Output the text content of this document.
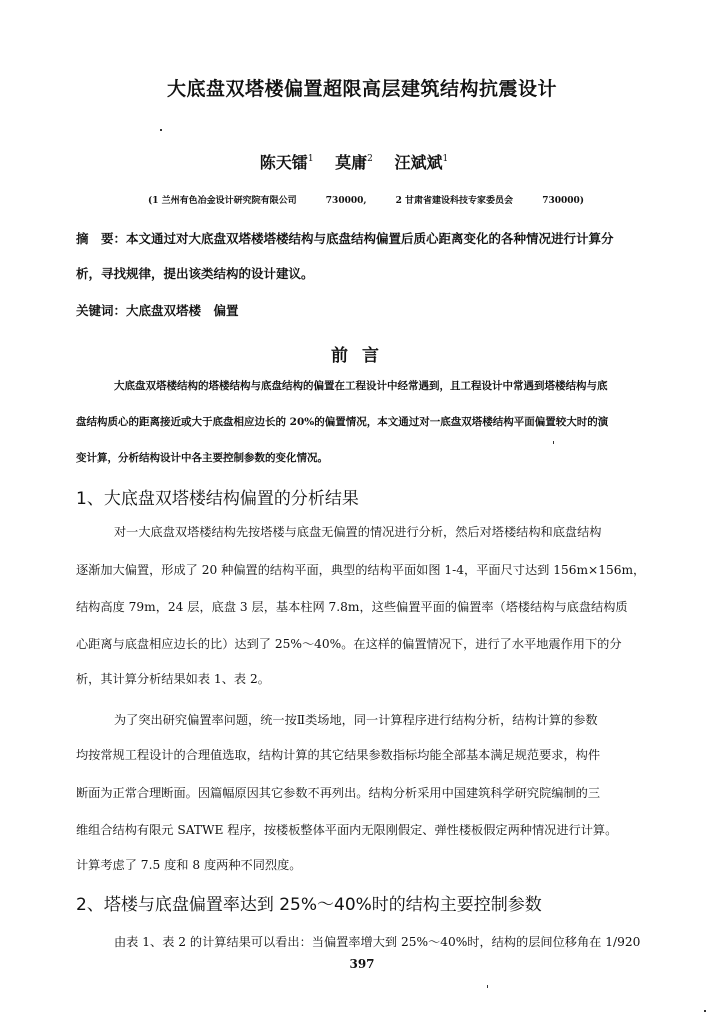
大底盘双塔楼偏置超限高层建筑结构抗震设计
陈天镭$^1$ 莫庸$^2$ 汪斌斌$^1$
(1 兰州有色冶金设计研究院有限公司	730000,	2 甘肃省建设科技专家委员会	730000)
摘　要：本文通过对大底盘双塔楼塔楼结构与底盘结构偏置后质心距离变化的各种情况进行计算分
析，寻找规律，提出该类结构的设计建议。
关键词：大底盘双塔楼　偏置
前言
大底盘双塔楼结构的塔楼结构与底盘结构的偏置在工程设计中经常遇到，且工程设计中常遇到塔楼结构与底
盘结构质心的距离接近或大于底盘相应边长的 20%的偏置情况，本文通过对一底盘双塔楼结构平面偏置较大时的演
变计算，分析结构设计中各主要控制参数的变化情况。
1、大底盘双塔楼结构偏置的分析结果
对一大底盘双塔楼结构先按塔楼与底盘无偏置的情况进行分析，然后对塔楼结构和底盘结构
逐渐加大偏置，形成了 20 种偏置的结构平面，典型的结构平面如图 1-4，平面尺寸达到 156m×156m，
结构高度 79m，24 层，底盘 3 层，基本柱网 7.8m，这些偏置平面的偏置率（塔楼结构与底盘结构质
心距离与底盘相应边长的比）达到了 25%～40%。在这样的偏置情况下，进行了水平地震作用下的分
析，其计算分析结果如表 1、表 2。
为了突出研究偏置率问题，统一按Ⅱ类场地，同一计算程序进行结构分析，结构计算的参数
均按常规工程设计的合理值选取，结构计算的其它结果参数指标均能全部基本满足规范要求，构件
断面为正常合理断面。因篇幅原因其它参数不再列出。结构分析采用中国建筑科学研究院编制的三
维组合结构有限元 SATWE 程序，按楼板整体平面内无限刚假定、弹性楼板假定两种情况进行计算。
计算考虑了 7.5 度和 8 度两种不同烈度。
2、塔楼与底盘偏置率达到 25%～40%时的结构主要控制参数
由表 1、表 2 的计算结果可以看出：当偏置率增大到 25%～40%时，结构的层间位移角在 1/920
397
